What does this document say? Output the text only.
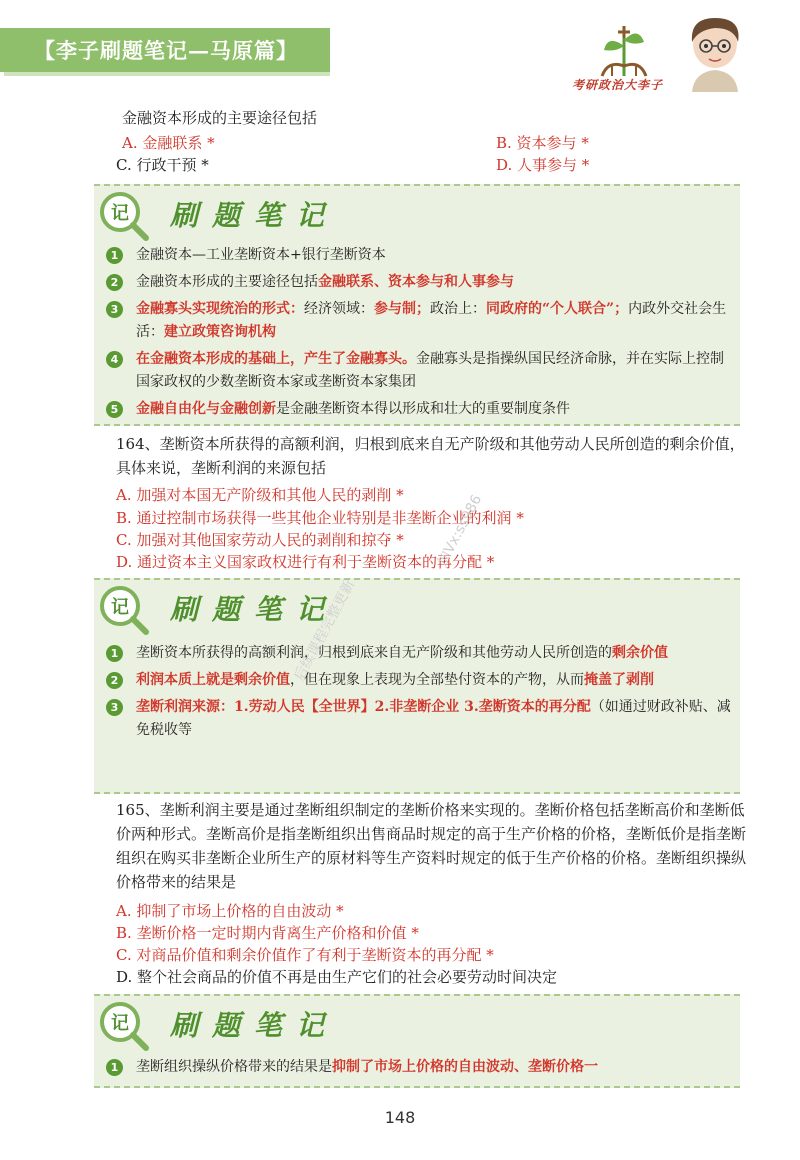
【李子刷题笔记—马原篇】
考研政治大李子
金融资本形成的主要途径包括
A. 金融联系 *	B. 资本参与 *
C. 行政干预 *	D. 人事参与 *
记 刷题笔记
1	金融资本—工业垄断资本+银行垄断资本
2	金融资本形成的主要途径包括金融联系、资本参与和人事参与
3	金融寡头实现统治的形式：经济领域：参与制；政治上：同政府的“个人联合”；内政外交社会生活：建立政策咨询机构
4	在金融资本形成的基础上，产生了金融寡头。金融寡头是指操纵国民经济命脉，并在实际上控制国家政权的少数垄断资本家或垄断资本家集团
5	金融自由化与金融创新是金融垄断资本得以形成和壮大的重要制度条件
164、垄断资本所获得的高额利润，归根到底来自无产阶级和其他劳动人民所创造的剩余价值，具体来说，垄断利润的来源包括
A. 加强对本国无产阶级和其他人民的剥削 *
B. 通过控制市场获得一些其他企业特别是非垄断企业的利润 *
C. 加强对其他国家劳动人民的剥削和掠夺 *
D. 通过资本主义国家政权进行有利于垄断资本的再分配 *
记 刷题笔记
1	垄断资本所获得的高额利润，归根到底来自无产阶级和其他劳动人民所创造的剩余价值
2	利润本质上就是剩余价值，但在现象上表现为全部垫付资本的产物，从而掩盖了剥削
3	垄断利润来源：1.劳动人民【全世界】2.非垄断企业 3.垄断资本的再分配（如通过财政补贴、减免税收等
165、垄断利润主要是通过垄断组织制定的垄断价格来实现的。垄断价格包括垄断高价和垄断低价两种形式。垄断高价是指垄断组织出售商品时规定的高于生产价格的价格，垄断低价是指垄断组织在购买非垄断企业所生产的原材料等生产资料时规定的低于生产价格的价格。垄断组织操纵价格带来的结果是
A. 抑制了市场上价格的自由波动 *
B. 垄断价格一定时期内背离生产价格和价值 *
C. 对商品价值和剩余价值作了有利于垄断资本的再分配 *
D. 整个社会商品的价值不再是由生产它们的社会必要劳动时间决定
记 刷题笔记
1	垄断组织操纵价格带来的结果是抑制了市场上价格的自由波动、垄断价格一
后续课程完整更新
加Vx:ss986
148
